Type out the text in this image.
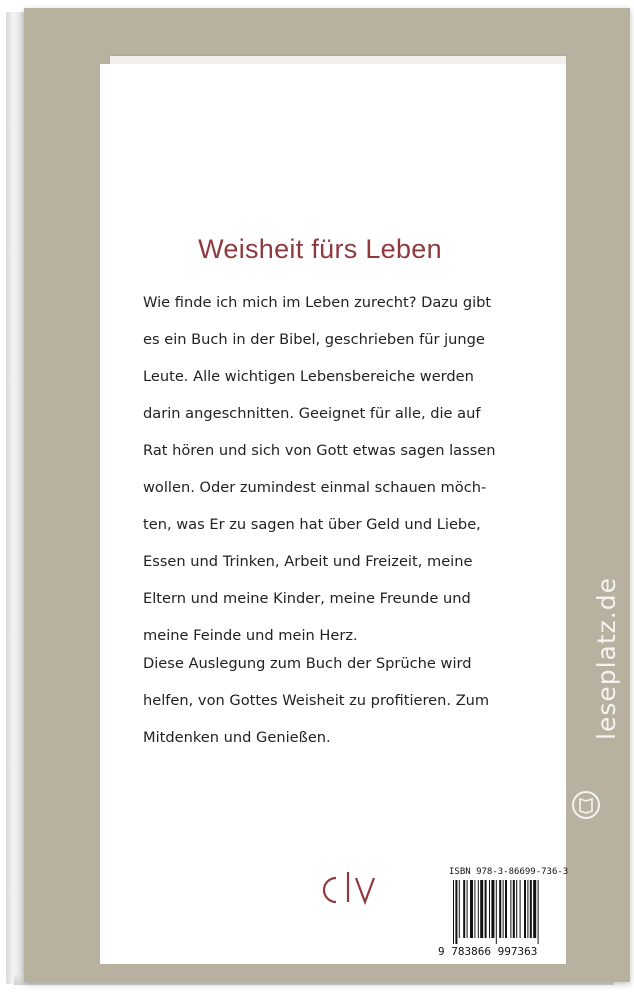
Weisheit fürs Leben
Wie finde ich mich im Leben zurecht? Dazu gibt
es ein Buch in der Bibel, geschrieben für junge
Leute. Alle wichtigen Lebensbereiche werden
darin angeschnitten. Geeignet für alle, die auf
Rat hören und sich von Gott etwas sagen lassen
wollen. Oder zumindest einmal schauen möch-
ten, was Er zu sagen hat über Geld und Liebe,
Essen und Trinken, Arbeit und Freizeit, meine
Eltern und meine Kinder, meine Freunde und
meine Feinde und mein Herz.
Diese Auslegung zum Buch der Sprüche wird
helfen, von Gottes Weisheit zu profitieren. Zum
Mitdenken und Genießen.
ISBN 978-3-86699-736-3
9 783866 997363
leseplatz.de
